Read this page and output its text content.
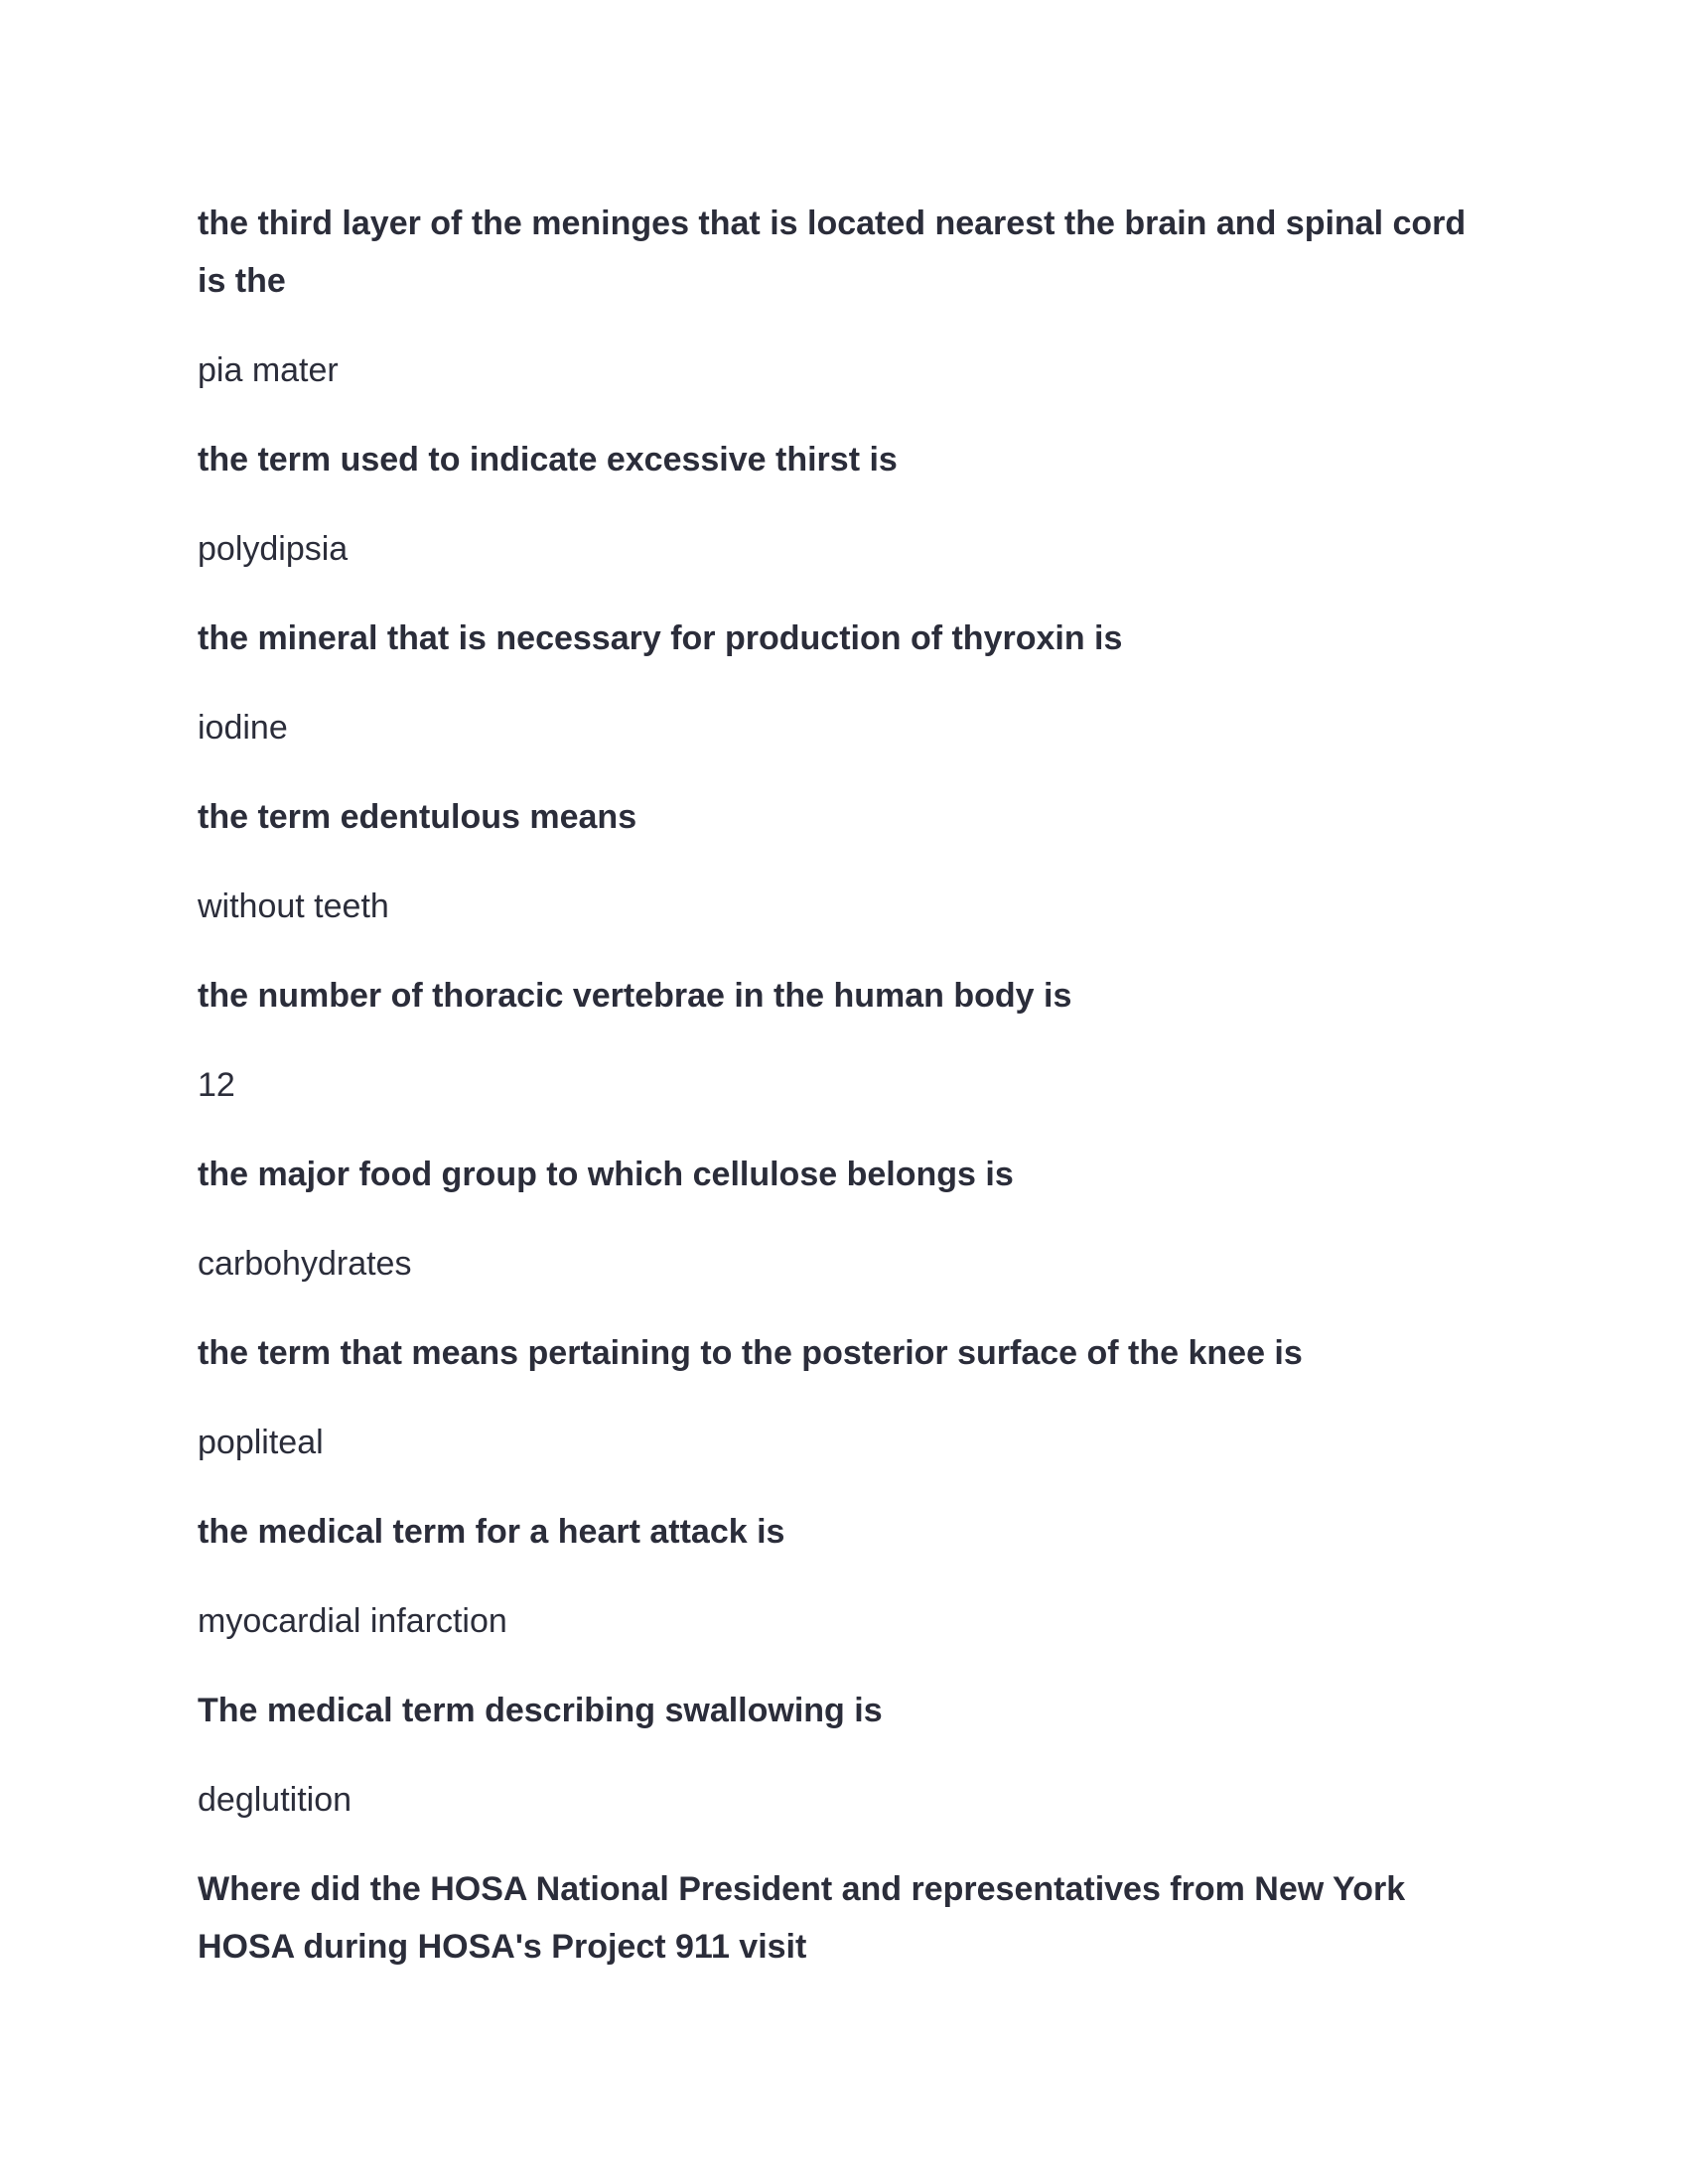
the third layer of the meninges that is located nearest the brain and spinal cord is the

pia mater

the term used to indicate excessive thirst is

polydipsia

the mineral that is necessary for production of thyroxin is

iodine

the term edentulous means

without teeth

the number of thoracic vertebrae in the human body is

12

the major food group to which cellulose belongs is

carbohydrates

the term that means pertaining to the posterior surface of the knee is

popliteal

the medical term for a heart attack is

myocardial infarction

The medical term describing swallowing is

deglutition

Where did the HOSA National President and representatives from New York HOSA during HOSA's Project 911 visit
